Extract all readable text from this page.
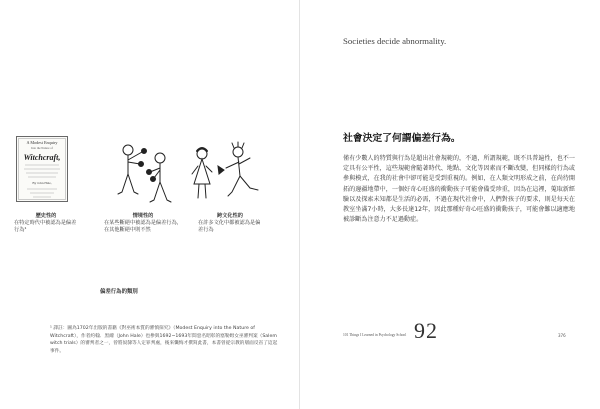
A Modest Enquiry
Into the Nature of
Witchcraft,
By John Hale,
歷史性的
在特定時代中被認為是偏差行為¹
情境性的
在某些斷絕中被認為是偏差行為，在其他斷絕中則不然
跨文化性的
在許多文化中都被認為是偏差行為
偏差行為的類別
¹ 譯註：圖為1702年出版的書籍《對巫術本質的審慎探究》（Modest Enquiry into the Nature of Witchcraft），作者約翰．黑爾（John Hale）也參與1692~1693年間惡名昭彰的塞勒姆女巫審判案（Salem witch trials）的審判者之一，曾將奴隸等人定罪判處，後來懺悔才撰寫此書，本書曾從宗教的層面反省了這起事件。
Societies decide abnormality.
社會決定了何謂偏差行為。
僅有少數人的特質與行為是超出社會規範的，不過，所謂規範，既不具普遍性，也不一定具有公平性，這些規範會隨著時代、地點、文化等因素而不斷改變，但同樣的行為或參與模式，在我的社會中卻可能是受到重視的。例如，在人類文明形成之前，在尚待開拓的邊疆地帶中，一個好奇心旺盛的衝動孩子可能會備受珍重，因為在這裡，蒐取新經驗以及探索未知都是生活的必需，不過在現代社會中，人們對孩子的要求，則是每天在教室坐滿7小時，大多長達12年，因此那種好奇心旺盛的衝動孩子，可能會難以適應地被診斷為注意力不足過動症。
92
101 Things I Learned in Psychology School	376
